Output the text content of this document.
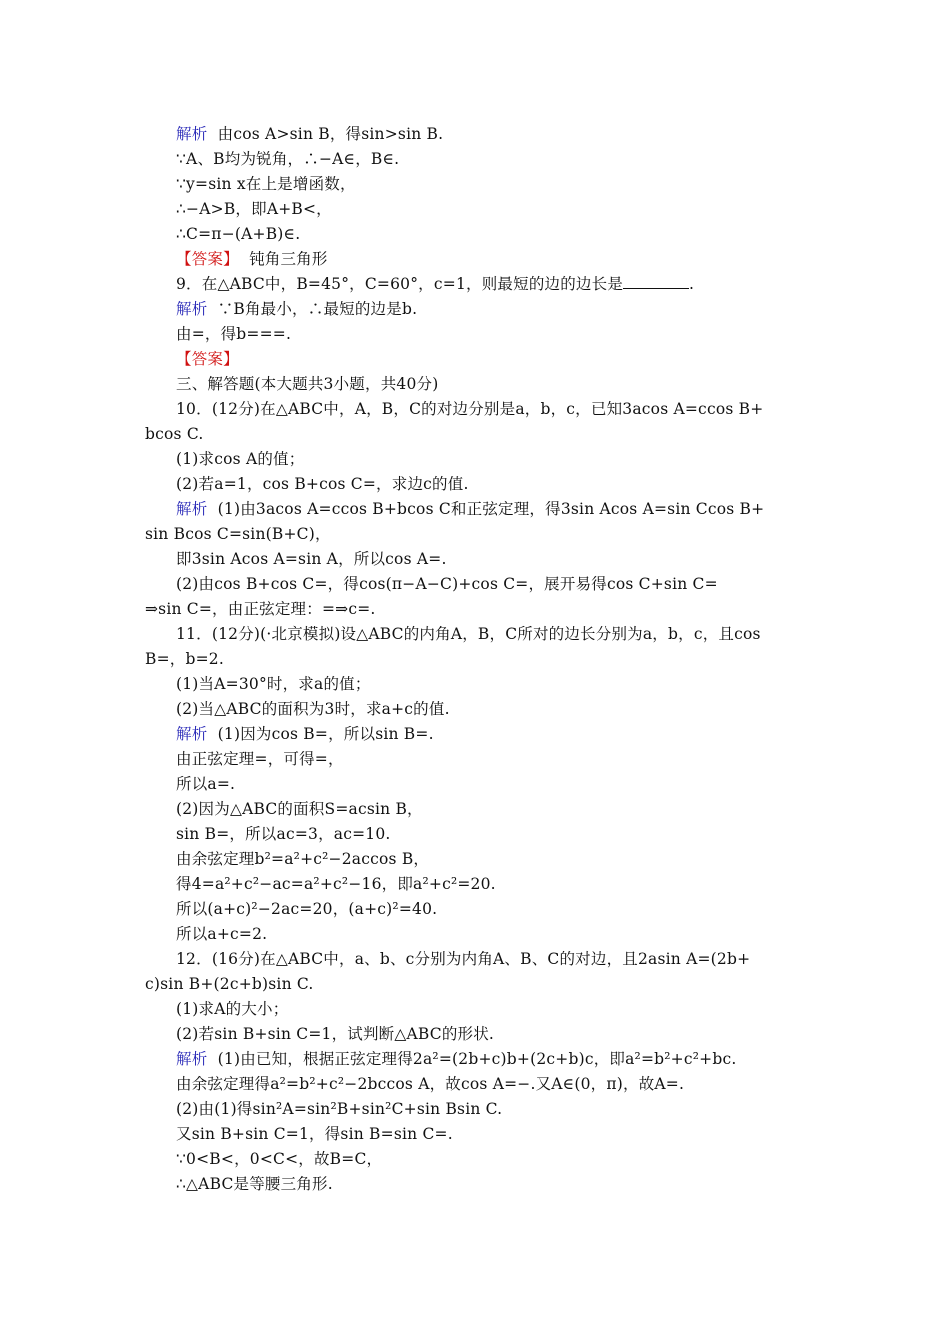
解析  由cos A>sin B，得sin>sin B.
∵A、B均为锐角，∴−A∈，B∈.
∵y=sin x在上是增函数，
∴−A>B，即A+B<，
∴C=π−(A+B)∈.
【答案】  钝角三角形
9．在△ABC中，B=45°，C=60°，c=1，则最短的边的边长是	.
解析  ∵B角最小，∴最短的边是b.
由=，得b===.
【答案】
三、解答题(本大题共3小题，共40分)
10．(12分)在△ABC中，A，B，C的对边分别是a，b，c，已知3acos A=ccos B+
bcos C.
(1)求cos A的值；
(2)若a=1，cos B+cos C=，求边c的值.
解析  (1)由3acos A=ccos B+bcos C和正弦定理，得3sin Acos A=sin Ccos B+
sin Bcos C=sin(B+C)，
即3sin Acos A=sin A，所以cos A=.
(2)由cos B+cos C=，得cos(π−A−C)+cos C=，展开易得cos C+sin C=
⇒sin C=，由正弦定理：=⇒c=.
11．(12分)(·北京模拟)设△ABC的内角A，B，C所对的边长分别为a，b，c，且cos
B=，b=2.
(1)当A=30°时，求a的值；
(2)当△ABC的面积为3时，求a+c的值.
解析  (1)因为cos B=，所以sin B=.
由正弦定理=，可得=，
所以a=.
(2)因为△ABC的面积S=acsin B，
sin B=，所以ac=3，ac=10.
由余弦定理b²=a²+c²−2accos B，
得4=a²+c²−ac=a²+c²−16，即a²+c²=20.
所以(a+c)²−2ac=20，(a+c)²=40.
所以a+c=2.
12．(16分)在△ABC中，a、b、c分别为内角A、B、C的对边，且2asin A=(2b+
c)sin B+(2c+b)sin C.
(1)求A的大小；
(2)若sin B+sin C=1，试判断△ABC的形状.
解析  (1)由已知，根据正弦定理得2a²=(2b+c)b+(2c+b)c，即a²=b²+c²+bc.
由余弦定理得a²=b²+c²−2bccos A，故cos A=−.又A∈(0，π)，故A=.
(2)由(1)得sin²A=sin²B+sin²C+sin Bsin C.
又sin B+sin C=1，得sin B=sin C=.
∵0<B<，0<C<，故B=C，
∴△ABC是等腰三角形.
